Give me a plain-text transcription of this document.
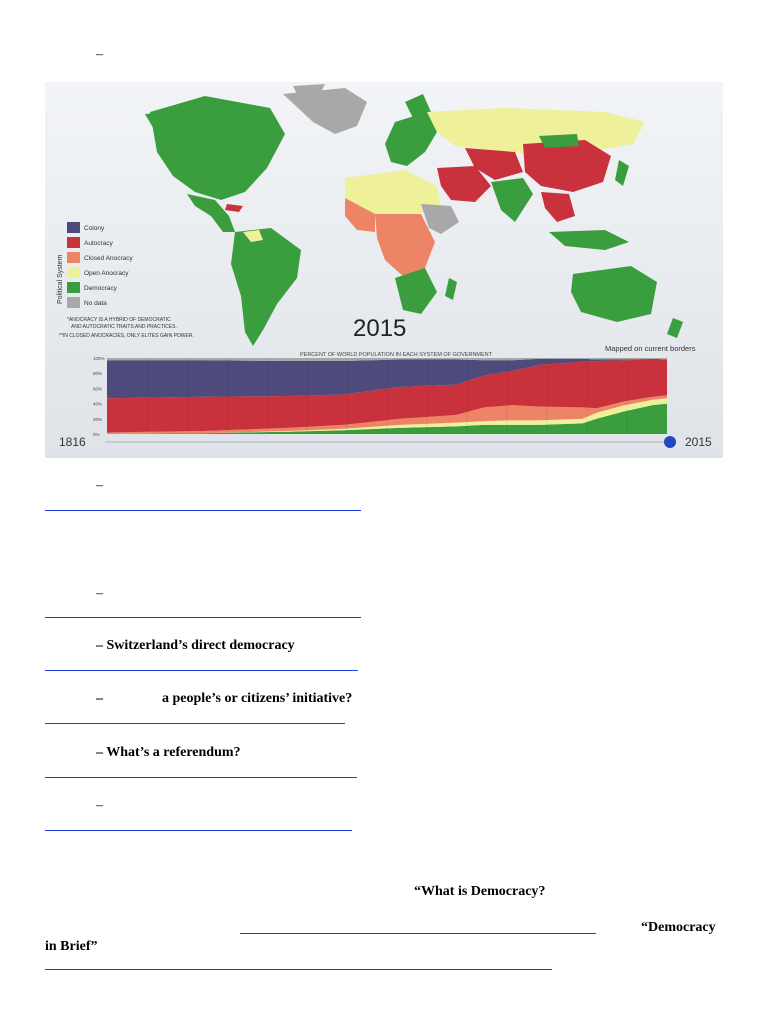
–
Colony
Autocracy
Closed Anocracy
Open Anocracy
Democracy
No data
Political System
*ANOCRACY IS A HYBRID OF DEMOCRATIC
AND AUTOCRATIC TRAITS AND PRACTICES.
**IN CLOSED ANOCRACIES, ONLY ELITES GAIN POWER.	2015
Mapped on current borders
PERCENT OF WORLD POPULATION IN EACH SYSTEM OF GOVERNMENT
100%
80%
60%
40%
20%
0%
1816	2015
–
–
– Switzerland’s direct democracy
–	a people’s or citizens’ initiative?
– What’s a referendum?
–
“What is Democracy?
“Democracy
in Brief”
